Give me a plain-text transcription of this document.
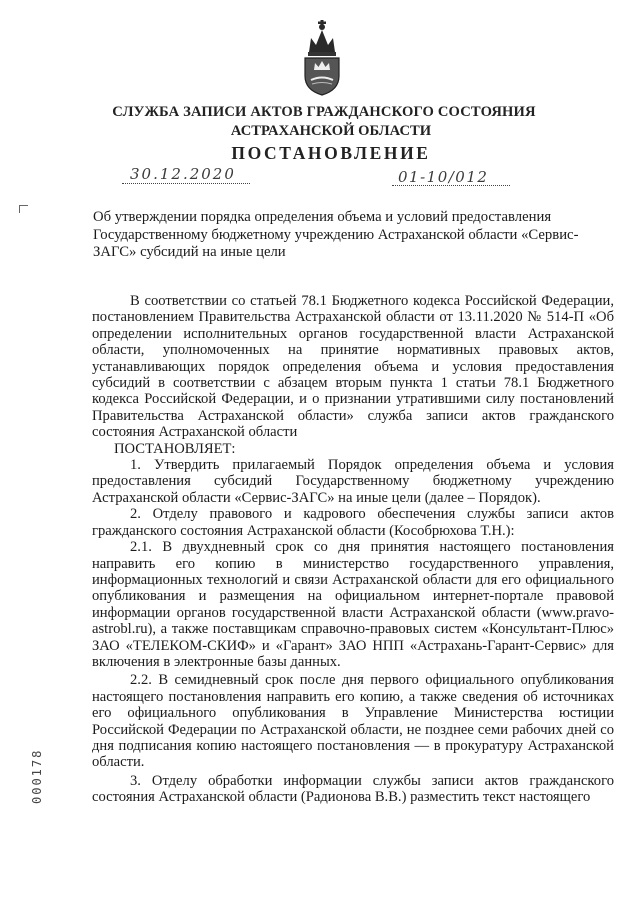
СЛУЖБА ЗАПИСИ АКТОВ ГРАЖДАНСКОГО СОСТОЯНИЯ
АСТРАХАНСКОЙ ОБЛАСТИ
ПОСТАНОВЛЕНИЕ
30.12.2020	01-10/012
Об утверждении порядка определения объема и условий предоставления Государственному бюджетному учреждению Астраханской области «Сервис-ЗАГС» субсидий на иные цели

В соответствии со статьей 78.1 Бюджетного кодекса Российской Федерации, постановлением Правительства Астраханской области от 13.11.2020 № 514-П «Об определении исполнительных органов государственной власти Астраханской области, уполномоченных на принятие нормативных правовых актов, устанавливающих порядок определения объема и условия предоставления субсидий в соответствии с абзацем вторым пункта 1 статьи 78.1 Бюджетного кодекса Российской Федерации, и о признании утратившими силу постановлений Правительства Астраханской области» служба записи актов гражданского состояния Астраханской области

ПОСТАНОВЛЯЕТ:

1. Утвердить прилагаемый Порядок определения объема и условия предоставления субсидий Государственному бюджетному учреждению Астраханской области «Сервис-ЗАГС» на иные цели (далее – Порядок).

2. Отделу правового и кадрового обеспечения службы записи актов гражданского состояния Астраханской области (Кособрюхова Т.Н.):

2.1. В двухдневный срок со дня принятия настоящего постановления направить его копию в министерство государственного управления, информационных технологий и связи Астраханской области для его официального опубликования и размещения на официальном интернет-портале правовой информации органов государственной власти Астраханской области (www.pravo-astrobl.ru), а также поставщикам справочно-правовых систем «Консультант-Плюс» ЗАО «ТЕЛЕКОМ-СКИФ» и «Гарант» ЗАО НПП «Астрахань-Гарант-Сервис» для включения в электронные базы данных.

2.2. В семидневный срок после дня первого официального опубликования настоящего постановления направить его копию, а также сведения об источниках его официального опубликования в Управление Министерства юстиции Российской Федерации по Астраханской области, не позднее семи рабочих дней со дня подписания копию настоящего постановления — в прокуратуру Астраханской области.

3. Отделу обработки информации службы записи актов гражданского состояния Астраханской области (Радионова В.В.) разместить текст настоящего

000178
